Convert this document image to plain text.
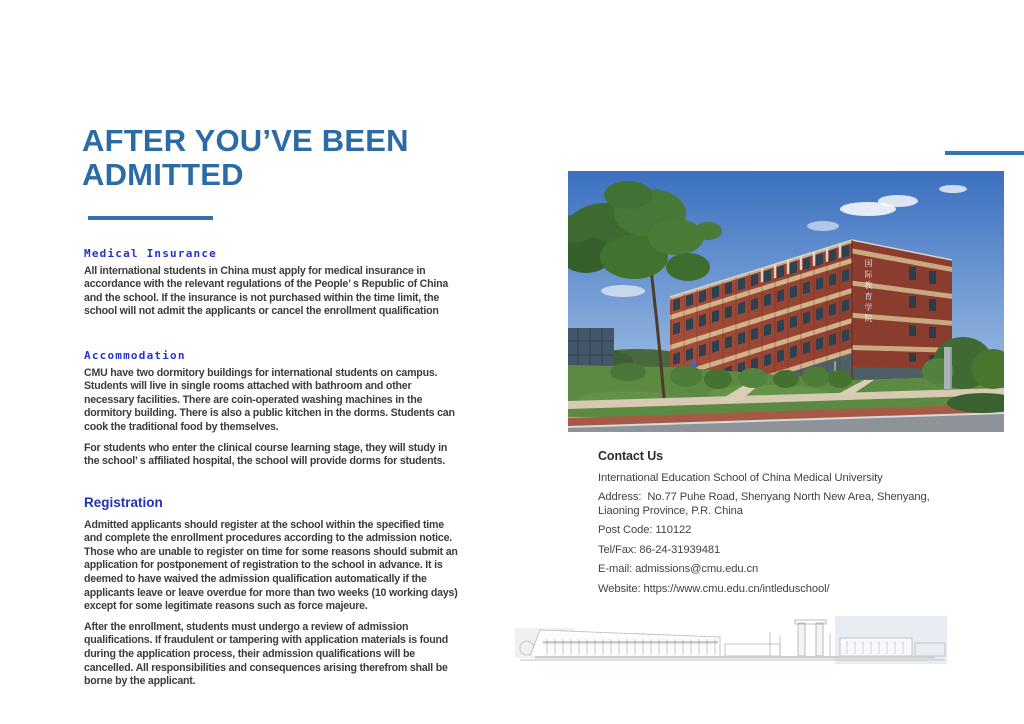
AFTER YOU’VE BEEN
ADMITTED
Medical Insurance

All international students in China must apply for medical insurance in accordance with the relevant regulations of the People’ s Republic of China and the school. If the insurance is not purchased within the time limit, the school will not admit the applicants or cancel the enrollment qualification

Accommodation

CMU have two dormitory buildings for international students on campus. Students will live in single rooms attached with bathroom and other necessary facilities. There are coin-operated washing machines in the dormitory building. There is also a public kitchen in the dorms. Students can cook the traditional food by themselves.

For students who enter the clinical course learning stage, they will study in the school’ s affiliated hospital, the school will provide dorms for students.

Registration

Admitted applicants should register at the school within the specified time and complete the enrollment procedures according to the admission notice. Those who are unable to register on time for some reasons should submit an application for postponement of registration to the school in advance. It is deemed to have waived the admission qualification automatically if the applicants leave or leave overdue for more than two weeks (10 working days) except for some legitimate reasons such as force majeure.

After the enrollment, students must undergo a review of admission qualifications. If fraudulent or tampering with application materials is found during the application process, their admission qualifications will be cancelled. All responsibilities and consequences arising therefrom shall be borne by the applicant.

国际教育学院
Contact Us
International Education School of China Medical University
Address:  No.77 Puhe Road, Shenyang North New Area, Shenyang, Liaoning Province, P.R. China
Post Code: 110122
Tel/Fax: 86-24-31939481
E-mail: admissions@cmu.edu.cn
Website: https://www.cmu.edu.cn/intleduschool/
